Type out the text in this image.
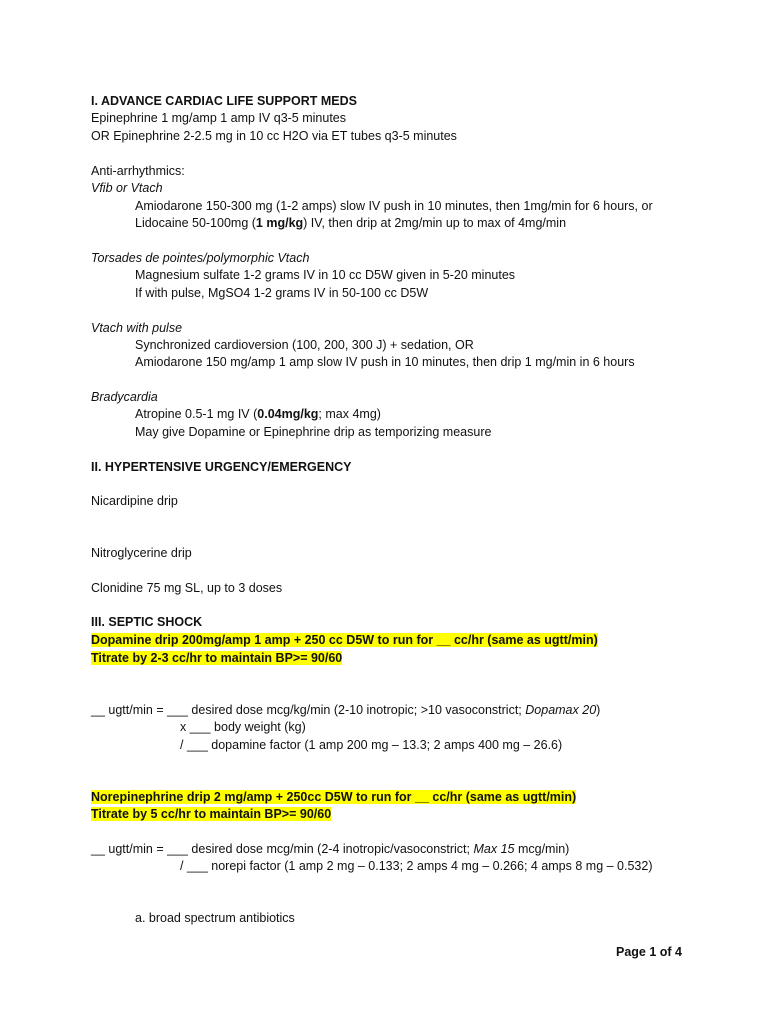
I. ADVANCE CARDIAC LIFE SUPPORT MEDS
Epinephrine 1 mg/amp 1 amp IV q3-5 minutes
OR Epinephrine 2-2.5 mg in 10 cc H2O via ET tubes q3-5 minutes
Anti-arrhythmics:
Vfib or Vtach
Amiodarone 150-300 mg (1-2 amps) slow IV push in 10 minutes, then 1mg/min for 6 hours, or
Lidocaine 50-100mg (1 mg/kg) IV, then drip at 2mg/min up to max of 4mg/min
Torsades de pointes/polymorphic Vtach
Magnesium sulfate 1-2 grams IV in 10 cc D5W given in 5-20 minutes
If with pulse, MgSO4 1-2 grams IV in 50-100 cc D5W
Vtach with pulse
Synchronized cardioversion (100, 200, 300 J) + sedation, OR
Amiodarone 150 mg/amp 1 amp slow IV push in 10 minutes, then drip 1 mg/min in 6 hours
Bradycardia
Atropine 0.5-1 mg IV (0.04mg/kg; max 4mg)
May give Dopamine or Epinephrine drip as temporizing measure
II. HYPERTENSIVE URGENCY/EMERGENCY
Nicardipine drip
Nitroglycerine drip
Clonidine 75 mg SL, up to 3 doses
III. SEPTIC SHOCK
Dopamine drip 200mg/amp 1 amp + 250 cc D5W to run for __ cc/hr (same as ugtt/min)
Titrate by 2-3 cc/hr to maintain BP>= 90/60
__ ugtt/min = ___ desired dose mcg/kg/min (2-10 inotropic; >10 vasoconstrict; Dopamax 20)
x ___ body weight (kg)
/ ___ dopamine factor (1 amp 200 mg – 13.3; 2 amps 400 mg – 26.6)
Norepinephrine drip 2 mg/amp + 250cc D5W to run for __ cc/hr (same as ugtt/min)
Titrate by 5 cc/hr to maintain BP>= 90/60
__ ugtt/min = ___ desired dose mcg/min (2-4 inotropic/vasoconstrict; Max 15 mcg/min)
/ ___ norepi factor (1 amp 2 mg – 0.133; 2 amps 4 mg – 0.266; 4 amps 8 mg – 0.532)
a. broad spectrum antibiotics
Page 1 of 4
